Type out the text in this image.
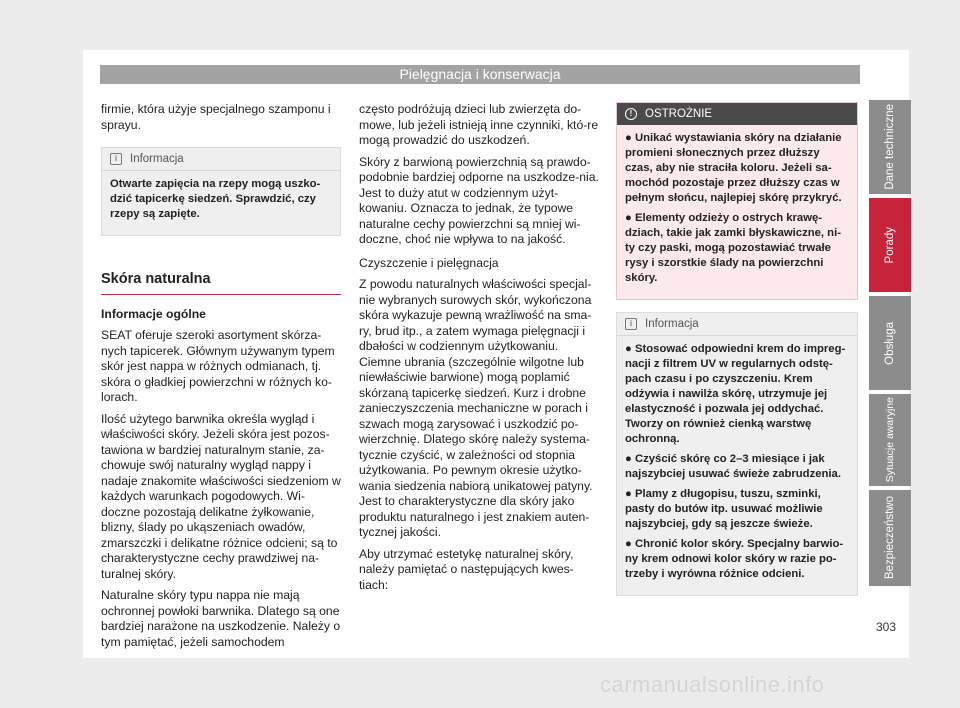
Pielęgnacja i konserwacja

firmie, która użyje specjalnego szamponu i sprayu.

i Informacja

Otwarte zapięcia na rzepy mogą uszko-dzić tapicerkę siedzeń. Sprawdzić, czy rzepy są zapięte.

Skóra naturalna

Informacje ogólne

SEAT oferuje szeroki asortyment skórza-nych tapicerek. Głównym używanym typem skór jest nappa w różnych odmianach, tj. skóra o gładkiej powierzchni w różnych ko-lorach.

Ilość użytego barwnika określa wygląd i właściwości skóry. Jeżeli skóra jest pozos-tawiona w bardziej naturalnym stanie, za-chowuje swój naturalny wygląd nappy i nadaje znakomite właściwości siedzeniom w każdych warunkach pogodowych. Wi-doczne pozostają delikatne żyłkowanie, blizny, ślady po ukąszeniach owadów, zmarszczki i delikatne różnice odcieni; są to charakterystyczne cechy prawdziwej na-turalnej skóry.

Naturalne skóry typu nappa nie mają ochronnej powłoki barwnika. Dlatego są one bardziej narażone na uszkodzenie. Należy o tym pamiętać, jeżeli samochodem

często podróżują dzieci lub zwierzęta do-mowe, lub jeżeli istnieją inne czynniki, któ-re mogą prowadzić do uszkodzeń.

Skóry z barwioną powierzchnią są prawdo-podobnie bardziej odporne na uszkodze-nia. Jest to duży atut w codziennym użyt-kowaniu. Oznacza to jednak, że typowe naturalne cechy powierzchni są mniej wi-doczne, choć nie wpływa to na jakość.

Czyszczenie i pielęgnacja

Z powodu naturalnych właściwości specjal-nie wybranych surowych skór, wykończona skóra wykazuje pewną wrażliwość na sma-ry, brud itp., a zatem wymaga pielęgnacji i dbałości w codziennym użytkowaniu. Ciemne ubrania (szczególnie wilgotne lub niewłaściwie barwione) mogą poplamić skórzaną tapicerkę siedzeń. Kurz i drobne zanieczyszczenia mechaniczne w porach i szwach mogą zarysować i uszkodzić po-wierzchnię. Dlatego skórę należy systema-tycznie czyścić, w zależności od stopnia użytkowania. Po pewnym okresie użytko-wania siedzenia nabiorą unikatowej patyny. Jest to charakterystyczne dla skóry jako produktu naturalnego i jest znakiem auten-tycznej jakości.

Aby utrzymać estetykę naturalnej skóry, należy pamiętać o następujących kwes-tiach:

! OSTROŻNIE

● Unikać wystawiania skóry na działanie promieni słonecznych przez dłuższy czas, aby nie straciła koloru. Jeżeli sa-mochód pozostaje przez dłuższy czas w pełnym słońcu, najlepiej skórę przykryć.

● Elementy odzieży o ostrych krawę-dziach, takie jak zamki błyskawiczne, ni-ty czy paski, mogą pozostawiać trwałe rysy i szorstkie ślady na powierzchni skóry.

i Informacja

● Stosować odpowiedni krem do impreg-nacji z filtrem UV w regularnych odstę-pach czasu i po czyszczeniu. Krem odżywia i nawilża skórę, utrzymuje jej elastyczność i pozwala jej oddychać. Tworzy on również cienką warstwę ochronną.

● Czyścić skórę co 2–3 miesiące i jak najszybciej usuwać świeże zabrudzenia.

● Plamy z długopisu, tuszu, szminki, pasty do butów itp. usuwać możliwie najszybciej, gdy są jeszcze świeże.

● Chronić kolor skóry. Specjalny barwio-ny krem odnowi kolor skóry w razie po-trzeby i wyrówna różnice odcieni.

Dane techniczne
Porady
Obsługa
Sytuacje awaryjne
Bezpieczeństwo
303
carmanualsonline.info
